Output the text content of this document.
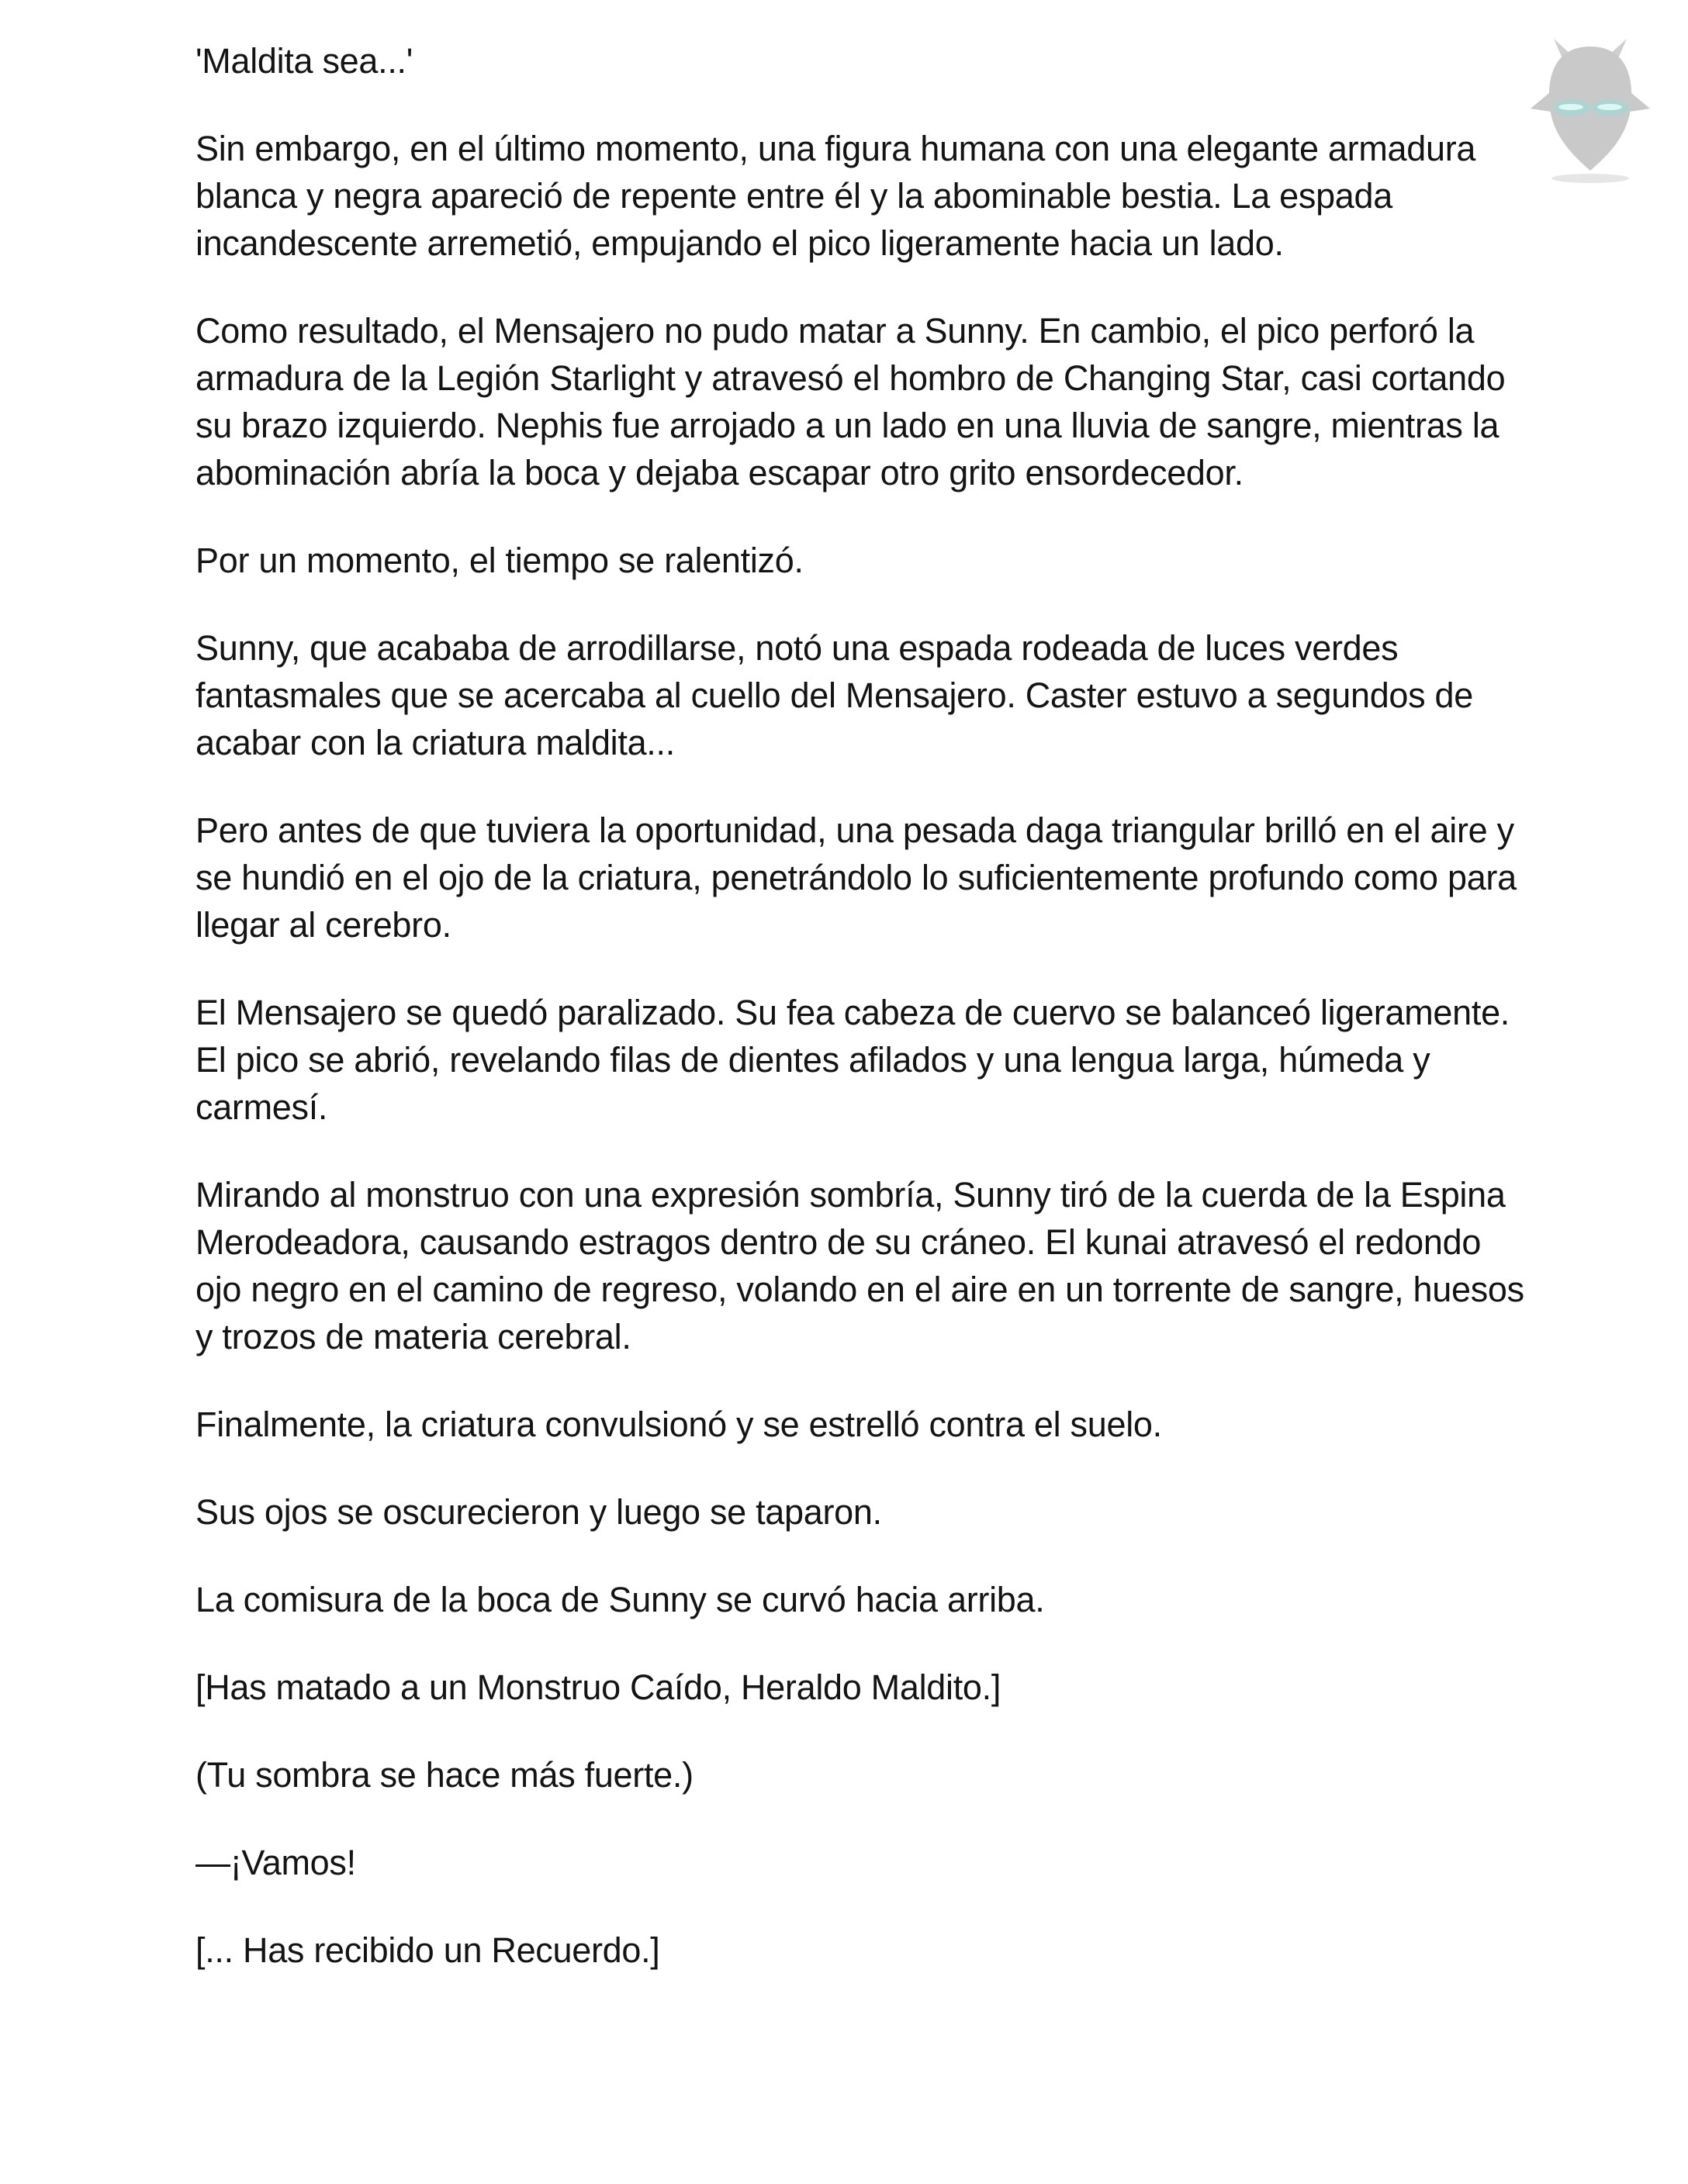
'Maldita sea...'

Sin embargo, en el último momento, una figura humana con una elegante armadura blanca y negra apareció de repente entre él y la abominable bestia. La espada incandescente arremetió, empujando el pico ligeramente hacia un lado.

Como resultado, el Mensajero no pudo matar a Sunny. En cambio, el pico perforó la armadura de la Legión Starlight y atravesó el hombro de Changing Star, casi cortando su brazo izquierdo. Nephis fue arrojado a un lado en una lluvia de sangre, mientras la abominación abría la boca y dejaba escapar otro grito ensordecedor.

Por un momento, el tiempo se ralentizó.

Sunny, que acababa de arrodillarse, notó una espada rodeada de luces verdes fantasmales que se acercaba al cuello del Mensajero. Caster estuvo a segundos de acabar con la criatura maldita...

Pero antes de que tuviera la oportunidad, una pesada daga triangular brilló en el aire y se hundió en el ojo de la criatura, penetrándolo lo suficientemente profundo como para llegar al cerebro.

El Mensajero se quedó paralizado. Su fea cabeza de cuervo se balanceó ligeramente. El pico se abrió, revelando filas de dientes afilados y una lengua larga, húmeda y carmesí.

Mirando al monstruo con una expresión sombría, Sunny tiró de la cuerda de la Espina Merodeadora, causando estragos dentro de su cráneo. El kunai atravesó el redondo ojo negro en el camino de regreso, volando en el aire en un torrente de sangre, huesos y trozos de materia cerebral.

Finalmente, la criatura convulsionó y se estrelló contra el suelo.

Sus ojos se oscurecieron y luego se taparon.

La comisura de la boca de Sunny se curvó hacia arriba.

[Has matado a un Monstruo Caído, Heraldo Maldito.]

(Tu sombra se hace más fuerte.)

—¡Vamos!

[... Has recibido un Recuerdo.]
